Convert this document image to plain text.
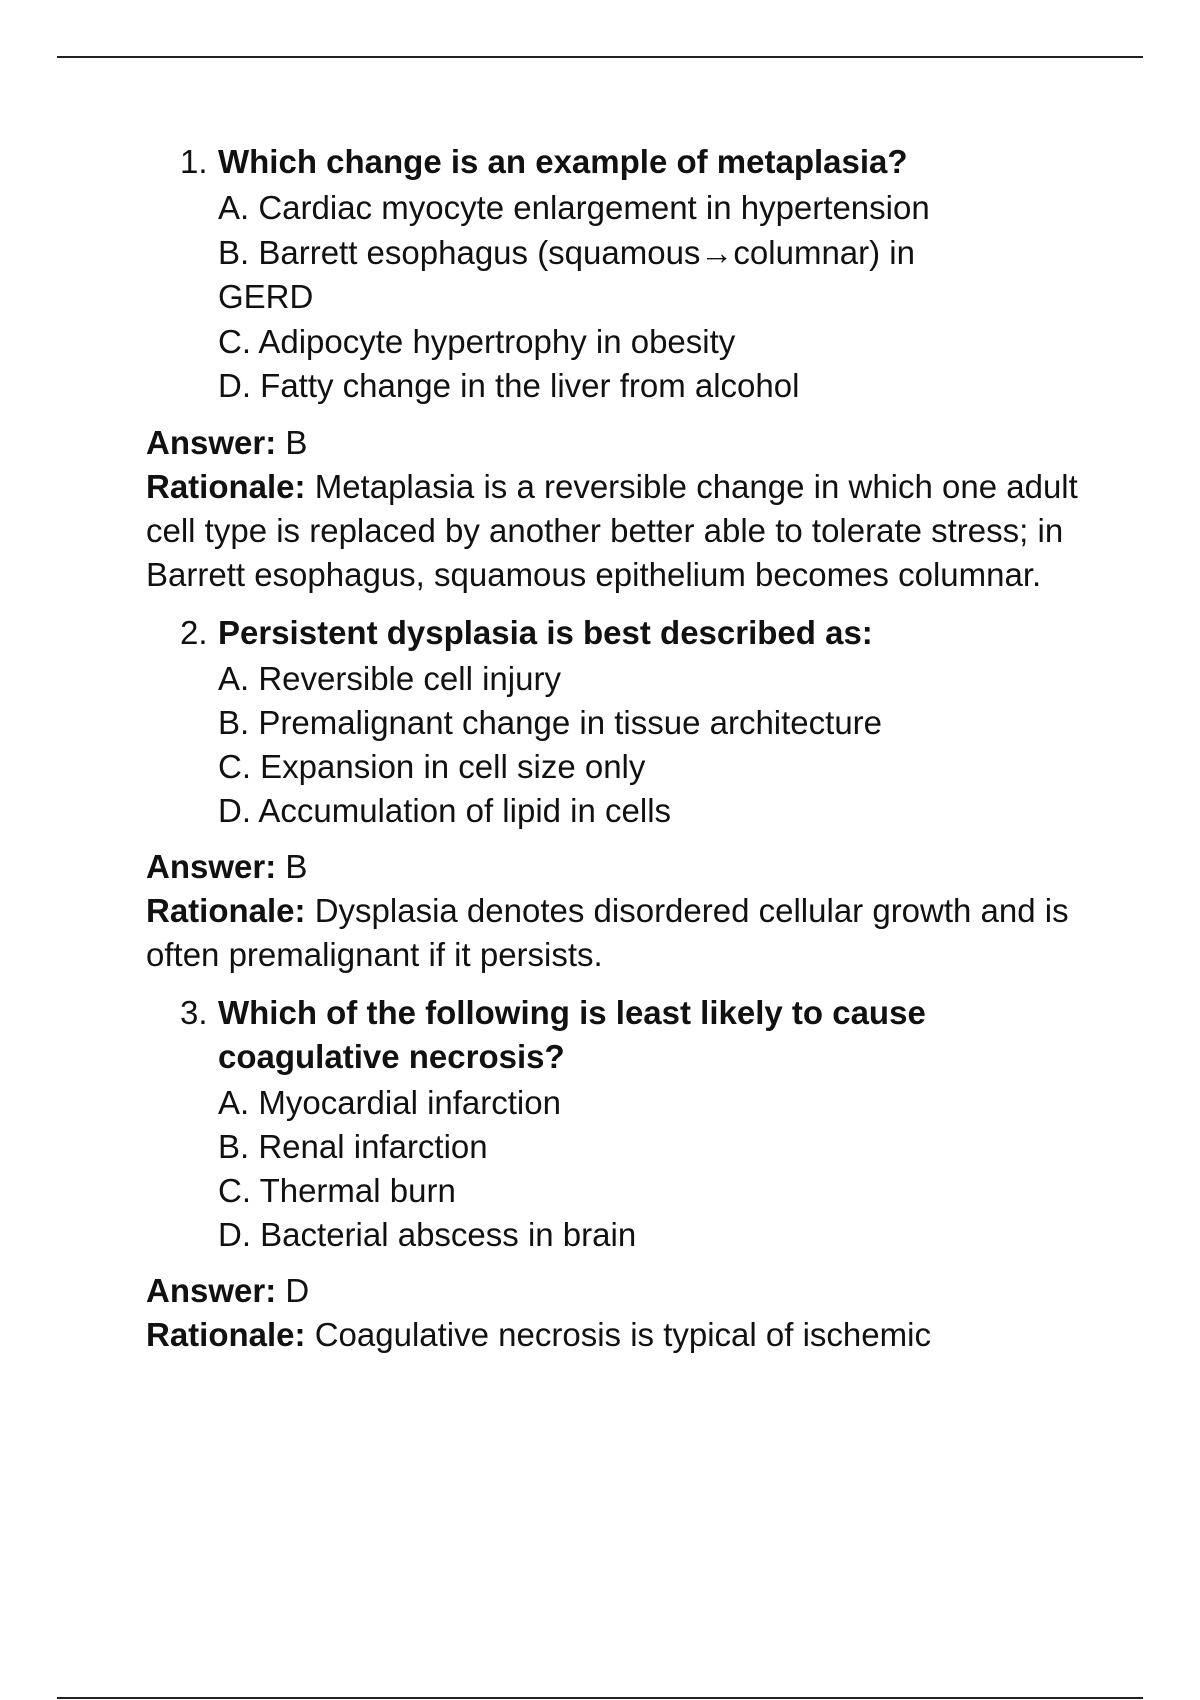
1. Which change is an example of metaplasia?
A. Cardiac myocyte enlargement in hypertension
B. Barrett esophagus (squamous→columnar) in GERD
C. Adipocyte hypertrophy in obesity
D. Fatty change in the liver from alcohol
Answer: B

Rationale: Metaplasia is a reversible change in which one adult cell type is replaced by another better able to tolerate stress; in Barrett esophagus, squamous epithelium becomes columnar.

2. Persistent dysplasia is best described as:
A. Reversible cell injury
B. Premalignant change in tissue architecture
C. Expansion in cell size only
D. Accumulation of lipid in cells
Answer: B

Rationale: Dysplasia denotes disordered cellular growth and is often premalignant if it persists.

3. Which of the following is least likely to cause coagulative necrosis?
A. Myocardial infarction
B. Renal infarction
C. Thermal burn
D. Bacterial abscess in brain
Answer: D

Rationale: Coagulative necrosis is typical of ischemic
